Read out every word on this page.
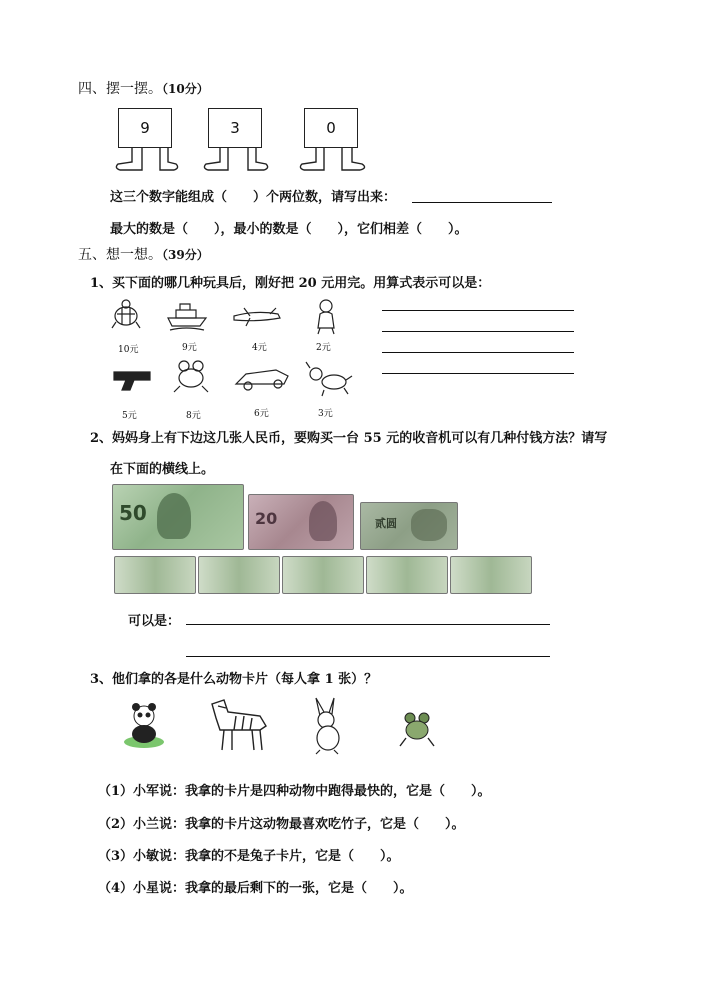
四、摆一摆。（10分）
9	3	0
这三个数字能组成（　　）个两位数，请写出来：
最大的数是（　　），最小的数是（　　），它们相差（　　）。
五、想一想。（39分）
1、买下面的哪几种玩具后，刚好把 20 元用完。用算式表示可以是：
10元	9元	4元	2元
5元	8元	6元	3元
2、妈妈身上有下边这几张人民币，要购买一台 55 元的收音机可以有几种付钱方法？请写
在下面的横线上。
50	20	贰圆
可以是：
3、他们拿的各是什么动物卡片（每人拿 1 张）？
（1）小军说：我拿的卡片是四种动物中跑得最快的，它是（　　）。
（2）小兰说：我拿的卡片这动物最喜欢吃竹子，它是（　　）。
（3）小敏说：我拿的不是兔子卡片，它是（　　）。
（4）小星说：我拿的最后剩下的一张，它是（　　）。
